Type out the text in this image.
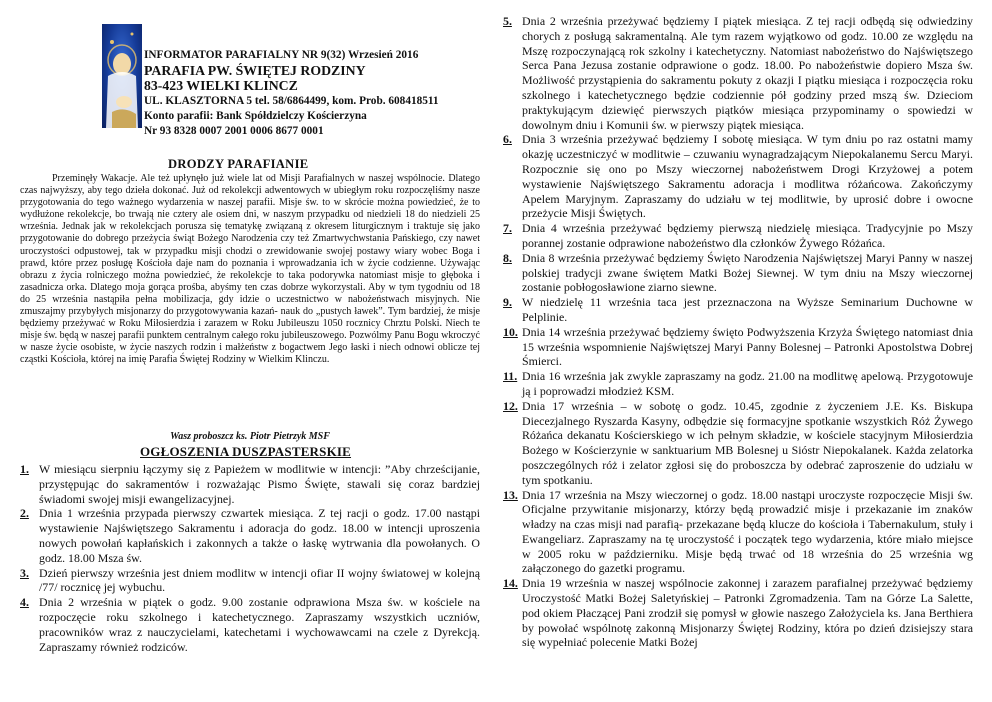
INFORMATOR PARAFIALNY NR 9(32) Wrzesień 2016
PARAFIA PW. ŚWIĘTEJ RODZINY
83-423 WIELKI KLINCZ
UL. KLASZTORNA 5 tel. 58/6864499, kom. Prob. 608418511
Konto parafii: Bank Spółdzielczy Kościerzyna
Nr 93 8328 0007 2001 0006 8677 0001
DRODZY PARAFIANIE

Przeminęły Wakacje. Ale też upłynęło już wiele lat od Misji Parafialnych w naszej wspólnocie. Dlatego czas najwyższy, aby tego dzieła dokonać. Już od rekolekcji adwentowych w ubiegłym roku rozpoczęliśmy nasze przygotowania do tego ważnego wydarzenia w naszej parafii. Misje św. to w skrócie można powiedzieć, że to wydłużone rekolekcje, bo trwają nie cztery ale osiem dni, w naszym przypadku od niedzieli 18 do niedzieli 25 września. Jednak jak w rekolekcjach porusza się tematykę związaną z okresem liturgicznym i traktuje się jako przygotowanie do dobrego przeżycia świąt Bożego Narodzenia czy też Zmartwychwstania Pańskiego, czy nawet uroczystości odpustowej, tak w przypadku misji chodzi o zrewidowanie swojej postawy wiary wobec Boga i prawd, które przez posługę Kościoła daje nam do poznania i wprowadzania ich w życie codzienne. Używając obrazu z życia rolniczego można powiedzieć, że rekolekcje to taka podorywka natomiast misje to głęboka i zasadnicza orka. Dlatego moja gorąca prośba, abyśmy ten czas dobrze wykorzystali. Aby w tym tygodniu od 18 do 25 września nastąpiła pełna mobilizacja, gdy idzie o uczestnictwo w nabożeństwach misyjnych. Nie zmuszajmy przybyłych misjonarzy do przygotowywania kazań- nauk do „pustych ławek”. Tym bardziej, że misje będziemy przeżywać w Roku Miłosierdzia i zarazem w Roku Jubileuszu 1050 rocznicy Chrztu Polski. Niech te misje św. będą w naszej parafii punktem centralnym całego roku jubileuszowego. Pozwólmy Panu Bogu wkroczyć w nasze życie osobiste, w życie naszych rodzin i małżeństw z bogactwem Jego łaski i niech odnowi oblicze tej cząstki Kościoła, której na imię Parafia Świętej Rodziny w Wielkim Klinczu.

Wasz proboszcz ks. Piotr Pietrzyk MSF
OGŁOSZENIA DUSZPASTERSKIE
1. W miesiącu sierpniu łączymy się z Papieżem w modlitwie w intencji: ”Aby chrześcijanie, przystępując do sakramentów i rozważając Pismo Święte, stawali się coraz bardziej świadomi swojej misji ewangelizacyjnej.
2. Dnia 1 września przypada pierwszy czwartek miesiąca. Z tej racji o godz. 17.00 nastąpi wystawienie Najświętszego Sakramentu i adoracja do godz. 18.00 w intencji uproszenia nowych powołań kapłańskich i zakonnych a także o łaskę wytrwania dla powołanych. O godz. 18.00 Msza św.
3. Dzień pierwszy września jest dniem modlitw w intencji ofiar II wojny światowej w kolejną /77/ rocznicę jej wybuchu.
4. Dnia 2 września w piątek o godz. 9.00 zostanie odprawiona Msza św. w kościele na rozpoczęcie roku szkolnego i katechetycznego. Zapraszamy wszystkich uczniów, pracowników wraz z nauczycielami, katechetami i wychowawcami na czele z Dyrekcją. Zapraszamy również rodziców.
5. Dnia 2 września przeżywać będziemy I piątek miesiąca. Z tej racji odbędą się odwiedziny chorych z posługą sakramentalną. Ale tym razem wyjątkowo od godz. 10.00 ze względu na Mszę rozpoczynającą rok szkolny i katechetyczny. Natomiast nabożeństwo do Najświętszego Serca Pana Jezusa zostanie odprawione o godz. 18.00. Po nabożeństwie dopiero Msza św. Możliwość przystąpienia do sakramentu pokuty z okazji I piątku miesiąca i rozpoczęcia roku szkolnego i katechetycznego będzie codziennie pół godziny przed mszą św. Dzieciom praktykującym dziewięć pierwszych piątków miesiąca przypominamy o spowiedzi w dowolnym dniu i Komunii św. w pierwszy piątek miesiąca.
6. Dnia 3 września przeżywać będziemy I sobotę miesiąca. W tym dniu po raz ostatni mamy okazję uczestniczyć w modlitwie – czuwaniu wynagradzającym Niepokalanemu Sercu Maryi. Rozpocznie się ono po Mszy wieczornej nabożeństwem Drogi Krzyżowej a potem wystawienie Najświętszego Sakramentu adoracja i modlitwa różańcowa. Zakończymy Apelem Maryjnym. Zapraszamy do udziału w tej modlitwie, by uprosić dobre i owocne przeżycie Misji Świętych.
7. Dnia 4 września przeżywać będziemy pierwszą niedzielę miesiąca. Tradycyjnie po Mszy porannej zostanie odprawione nabożeństwo dla członków Żywego Różańca.
8. Dnia 8 września przeżywać będziemy Święto Narodzenia Najświętszej Maryi Panny w naszej polskiej tradycji zwane świętem Matki Bożej Siewnej. W tym dniu na Mszy wieczornej zostanie pobłogosławione ziarno siewne.
9. W niedzielę 11 września taca jest przeznaczona na Wyższe Seminarium Duchowne w Pelplinie.
10. Dnia 14 września przeżywać będziemy święto Podwyższenia Krzyża Świętego natomiast dnia 15 września wspomnienie Najświętszej Maryi Panny Bolesnej – Patronki Apostolstwa Dobrej Śmierci.
11. Dnia 16 września jak zwykle zapraszamy na godz. 21.00 na modlitwę apelową. Przygotowuje ją i poprowadzi młodzież KSM.
12. Dnia 17 września – w sobotę o godz. 10.45, zgodnie z życzeniem J.E. Ks. Biskupa Diecezjalnego Ryszarda Kasyny, odbędzie się formacyjne spotkanie wszystkich Róż Żywego Różańca dekanatu Kościerskiego w ich pełnym składzie, w kościele stacyjnym Miłosierdzia Bożego w Kościerzynie w sanktuarium MB Bolesnej u Sióstr Niepokalanek. Każda zelatorka poszczególnych róż i zelator zgłosi się do proboszcza by odebrać zaproszenie do udziału w tym spotkaniu.
13. Dnia 17 września na Mszy wieczornej o godz. 18.00 nastąpi uroczyste rozpoczęcie Misji św. Oficjalne przywitanie misjonarzy, którzy będą prowadzić misje i przekazanie im znaków władzy na czas misji nad parafią- przekazane będą klucze do kościoła i Tabernakulum, stuły i Ewangeliarz. Zapraszamy na tę uroczystość i początek tego wydarzenia, które miało miejsce w 2005 roku w październiku. Misje będą trwać od 18 września do 25 września wg załączonego do gazetki programu.
14. Dnia 19 września w naszej wspólnocie zakonnej i zarazem parafialnej przeżywać będziemy Uroczystość Matki Bożej Saletyńskiej – Patronki Zgromadzenia. Tam na Górze La Salette, pod okiem Płaczącej Pani zrodził się pomysł w głowie naszego Założyciela ks. Jana Berthiera by powołać wspólnotę zakonną Misjonarzy Świętej Rodziny, która po dzień dzisiejszy stara się wypełniać polecenie Matki Bożej
